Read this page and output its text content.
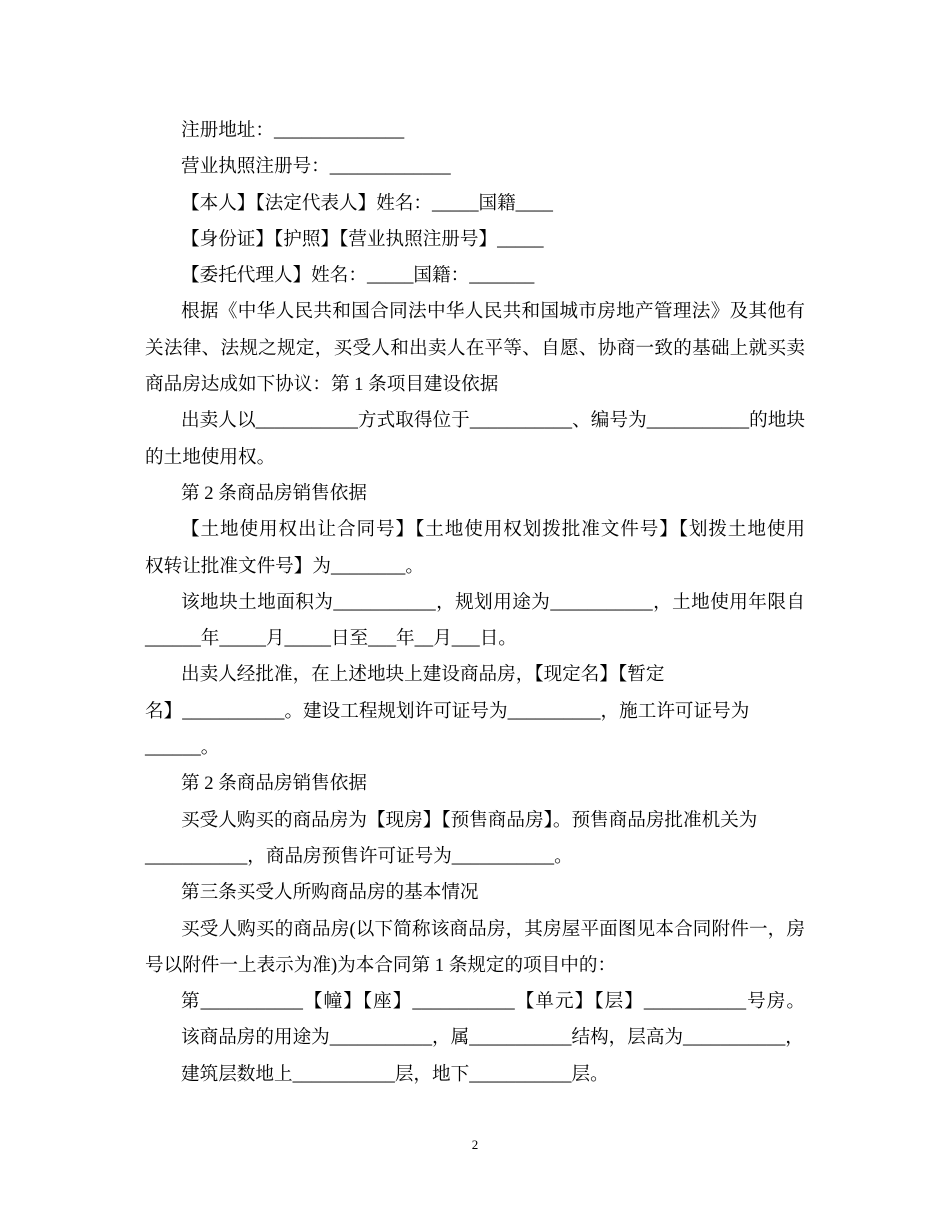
注册地址：______________
营业执照注册号：_____________
【本人】【法定代表人】姓名：_____国籍____
【身份证】【护照】【营业执照注册号】_____
【委托代理人】姓名：_____国籍：_______
根据《中华人民共和国合同法中华人民共和国城市房地产管理法》及其他有
关法律、法规之规定，买受人和出卖人在平等、自愿、协商一致的基础上就买卖
商品房达成如下协议：第 1 条项目建设依据
出卖人以___________方式取得位于___________、编号为___________的地块
的土地使用权。
第 2 条商品房销售依据
【土地使用权出让合同号】【土地使用权划拨批准文件号】【划拨土地使用
权转让批准文件号】为________。
该地块土地面积为___________，规划用途为___________，土地使用年限自
______年_____月_____日至___年__月___日。
出卖人经批准，在上述地块上建设商品房，【现定名】【暂定
名】___________。建设工程规划许可证号为__________，施工许可证号为
______。
第 2 条商品房销售依据
买受人购买的商品房为【现房】【预售商品房】。预售商品房批准机关为
___________，商品房预售许可证号为___________。
第三条买受人所购商品房的基本情况
买受人购买的商品房(以下简称该商品房，其房屋平面图见本合同附件一，房
号以附件一上表示为准)为本合同第 1 条规定的项目中的：
第___________【幢】【座】___________【单元】【层】___________号房。
该商品房的用途为___________，属___________结构，层高为___________，
建筑层数地上___________层，地下___________层。
2
